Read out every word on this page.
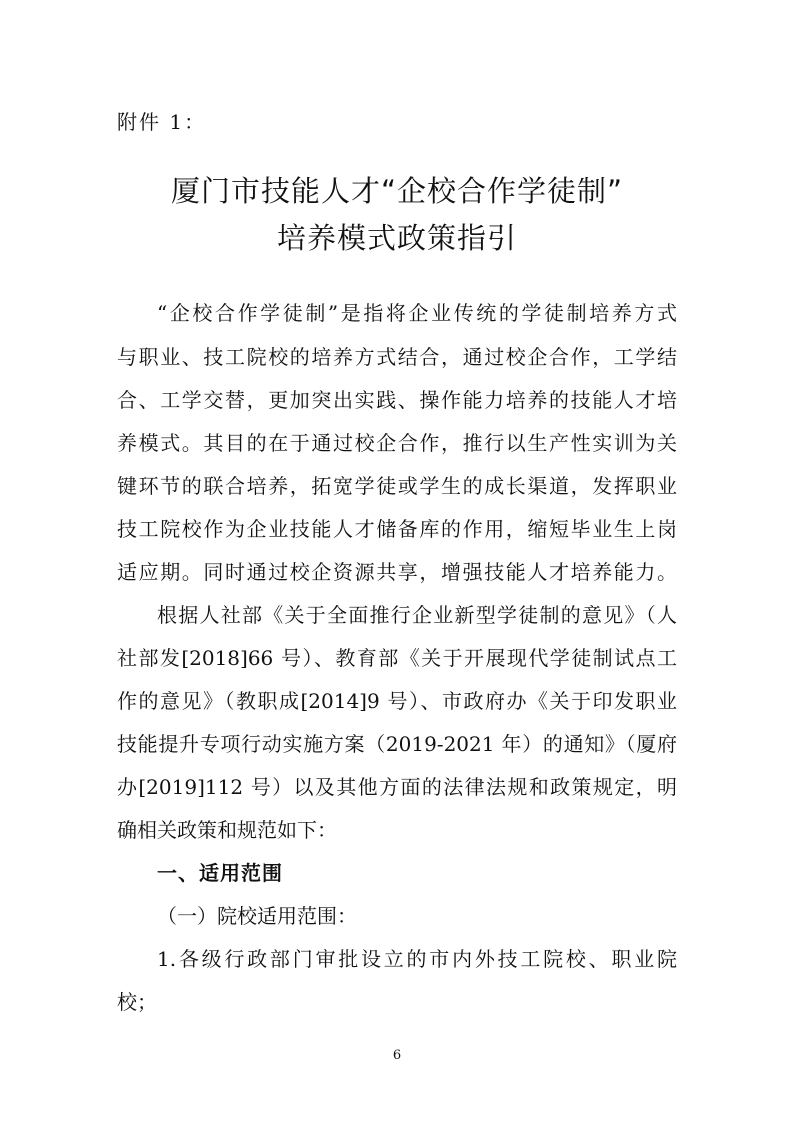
附件 1：
厦门市技能人才“企校合作学徒制”
培养模式政策指引
“企校合作学徒制”是指将企业传统的学徒制培养方式
与职业、技工院校的培养方式结合，通过校企合作，工学结
合、工学交替，更加突出实践、操作能力培养的技能人才培
养模式。其目的在于通过校企合作，推行以生产性实训为关
键环节的联合培养，拓宽学徒或学生的成长渠道，发挥职业
技工院校作为企业技能人才储备库的作用，缩短毕业生上岗
适应期。同时通过校企资源共享，增强技能人才培养能力。
根据人社部《关于全面推行企业新型学徒制的意见》（人
社部发[2018]66 号）、教育部《关于开展现代学徒制试点工
作的意见》（教职成[2014]9 号）、市政府办《关于印发职业
技能提升专项行动实施方案（2019-2021 年）的通知》（厦府
办[2019]112 号）以及其他方面的法律法规和政策规定，明
确相关政策和规范如下：
一、适用范围
（一）院校适用范围：
1.各级行政部门审批设立的市内外技工院校、职业院
校；
6
